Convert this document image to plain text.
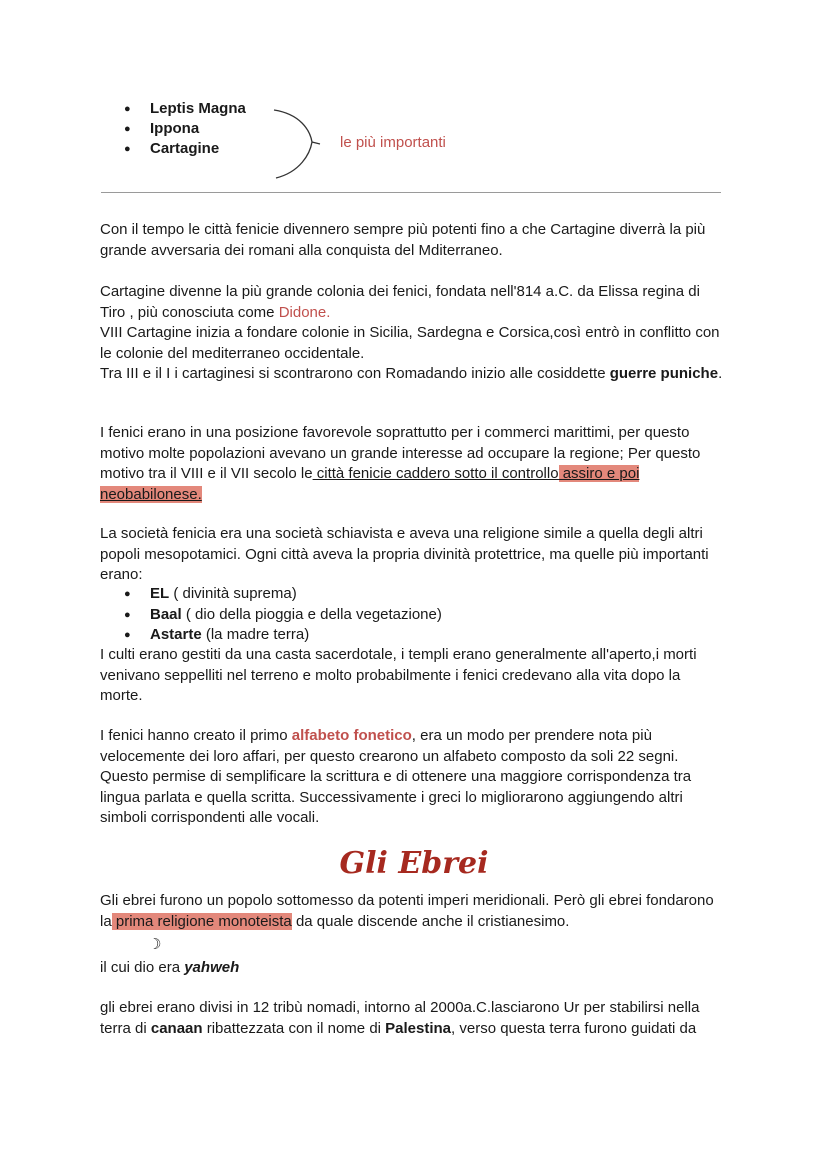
● Leptis Magna
● Ippona
● Cartagine	le più importanti

Con il tempo le città fenicie divennero sempre più potenti fino a che Cartagine diverrà la più grande avversaria dei romani alla conquista del Mditerraneo.

Cartagine divenne la più grande colonia dei fenici, fondata nell'814 a.C. da Elissa regina di Tiro , più conosciuta come Didone.
VIII Cartagine inizia a fondare colonie in Sicilia, Sardegna e Corsica,così entrò in conflitto con le colonie del mediterraneo occidentale.
Tra III e il I i cartaginesi si scontrarono con Romadando inizio alle cosiddette guerre puniche.

I fenici erano in una posizione favorevole soprattutto per i commerci marittimi, per questo motivo molte popolazioni avevano un grande interesse ad occupare la regione; Per questo motivo tra il VIII e il VII secolo le città fenicie caddero sotto il controllo assiro e poi neobabilonese.

La società fenicia era una società schiavista e aveva una religione simile a quella degli altri popoli mesopotamici. Ogni città aveva la propria divinità protettrice, ma quelle più importanti erano:

● EL ( divinità suprema)
● Baal ( dio della pioggia e della vegetazione)
● Astarte (la madre terra)

I culti erano gestiti da una casta sacerdotale, i templi erano generalmente all'aperto,i morti venivano seppelliti nel terreno e molto probabilmente i fenici credevano alla vita dopo la morte.

I fenici hanno creato il primo alfabeto fonetico, era un modo per prendere nota più velocemente dei loro affari, per questo crearono un alfabeto composto da soli 22 segni. Questo permise di semplificare la scrittura e di ottenere una maggiore corrispondenza tra lingua parlata e quella scritta. Successivamente i greci lo migliorarono aggiungendo altri simboli corrispondenti alle vocali.

Gli Ebrei

Gli ebrei furono un popolo sottomesso da potenti imperi meridionali. Però gli ebrei fondarono la prima religione monoteista da quale discende anche il cristianesimo.

☽

il cui dio era yahweh

gli ebrei erano divisi in 12 tribù nomadi, intorno al 2000a.C.lasciarono Ur per stabilirsi nella terra di canaan ribattezzata con il nome di Palestina, verso questa terra furono guidati da
